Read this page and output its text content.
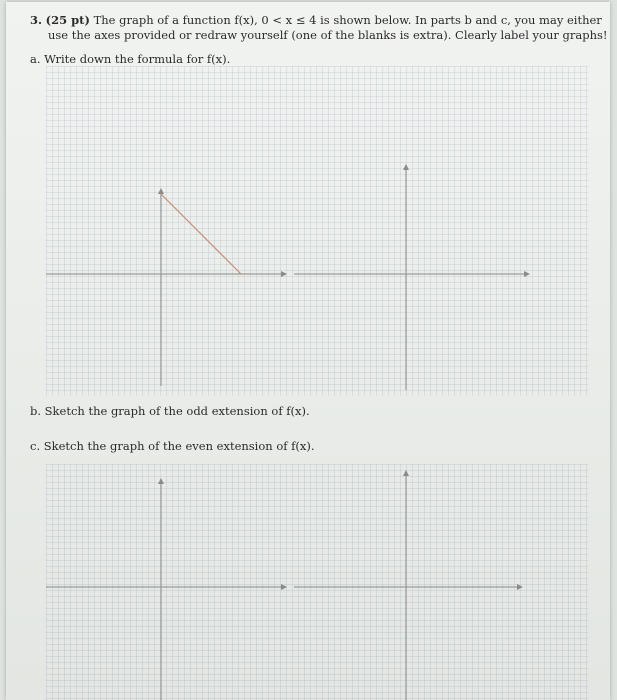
3. (25 pt) The graph of a function f(x), 0 < x ≤ 4 is shown below. In parts b and c, you may either
use the axes provided or redraw yourself (one of the blanks is extra). Clearly label your graphs!
a. Write down the formula for f(x).
b. Sketch the graph of the odd extension of f(x).
c. Sketch the graph of the even extension of f(x).
